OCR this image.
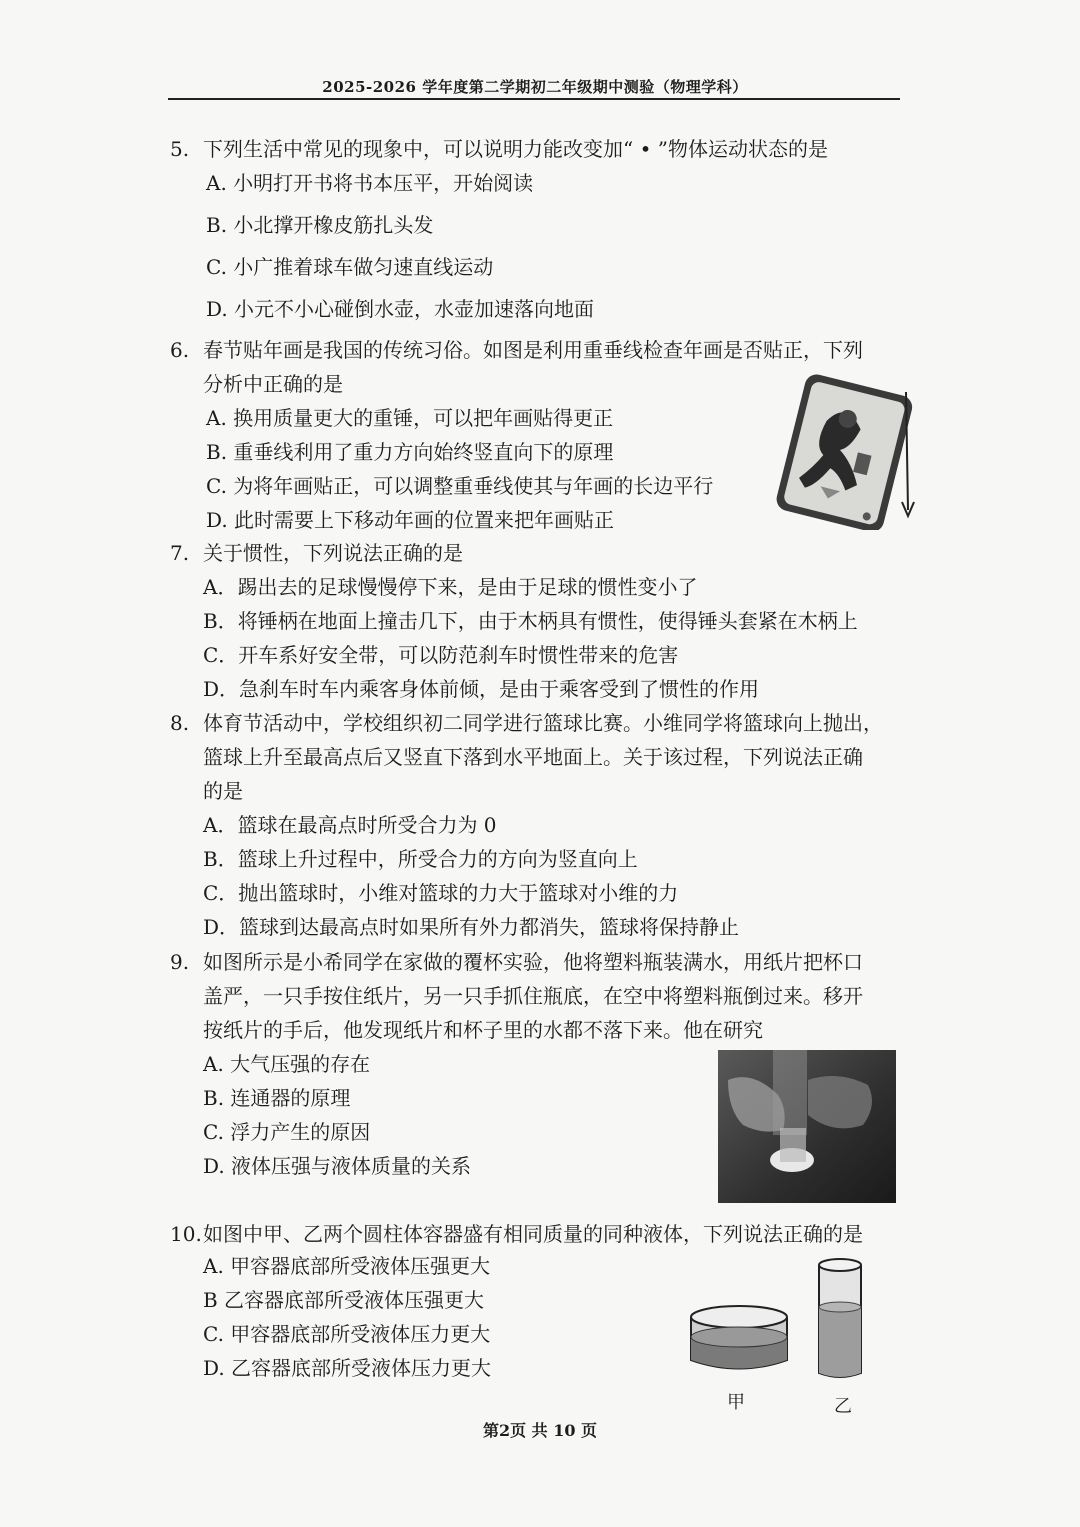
2025-2026 学年度第二学期初二年级期中测验（物理学科）
5. 下列生活中常见的现象中，可以说明力能改变加“ • ”物体运动状态的是
A. 小明打开书将书本压平，开始阅读
B. 小北撑开橡皮筋扎头发
C. 小广推着球车做匀速直线运动
D. 小元不小心碰倒水壶，水壶加速落向地面
6. 春节贴年画是我国的传统习俗。如图是利用重垂线检查年画是否贴正，下列
分析中正确的是
A. 换用质量更大的重锤，可以把年画贴得更正
B. 重垂线利用了重力方向始终竖直向下的原理
C. 为将年画贴正，可以调整重垂线使其与年画的长边平行
D. 此时需要上下移动年画的位置来把年画贴正
7. 关于惯性，下列说法正确的是
A．踢出去的足球慢慢停下来，是由于足球的惯性变小了
B．将锤柄在地面上撞击几下，由于木柄具有惯性，使得锤头套紧在木柄上
C．开车系好安全带，可以防范刹车时惯性带来的危害
D．急刹车时车内乘客身体前倾，是由于乘客受到了惯性的作用
8. 体育节活动中，学校组织初二同学进行篮球比赛。小维同学将篮球向上抛出，
篮球上升至最高点后又竖直下落到水平地面上。关于该过程，下列说法正确
的是
A．篮球在最高点时所受合力为 0
B．篮球上升过程中，所受合力的方向为竖直向上
C．抛出篮球时，小维对篮球的力大于篮球对小维的力
D．篮球到达最高点时如果所有外力都消失，篮球将保持静止
9. 如图所示是小希同学在家做的覆杯实验，他将塑料瓶装满水，用纸片把杯口
盖严，一只手按住纸片，另一只手抓住瓶底，在空中将塑料瓶倒过来。移开
按纸片的手后，他发现纸片和杯子里的水都不落下来。他在研究
A. 大气压强的存在
B. 连通器的原理
C. 浮力产生的原因
D. 液体压强与液体质量的关系
10. 如图中甲、乙两个圆柱体容器盛有相同质量的同种液体，下列说法正确的是
A. 甲容器底部所受液体压强更大
B 乙容器底部所受液体压强更大
C. 甲容器底部所受液体压力更大
D. 乙容器底部所受液体压力更大
甲	乙
第2页 共 10 页
